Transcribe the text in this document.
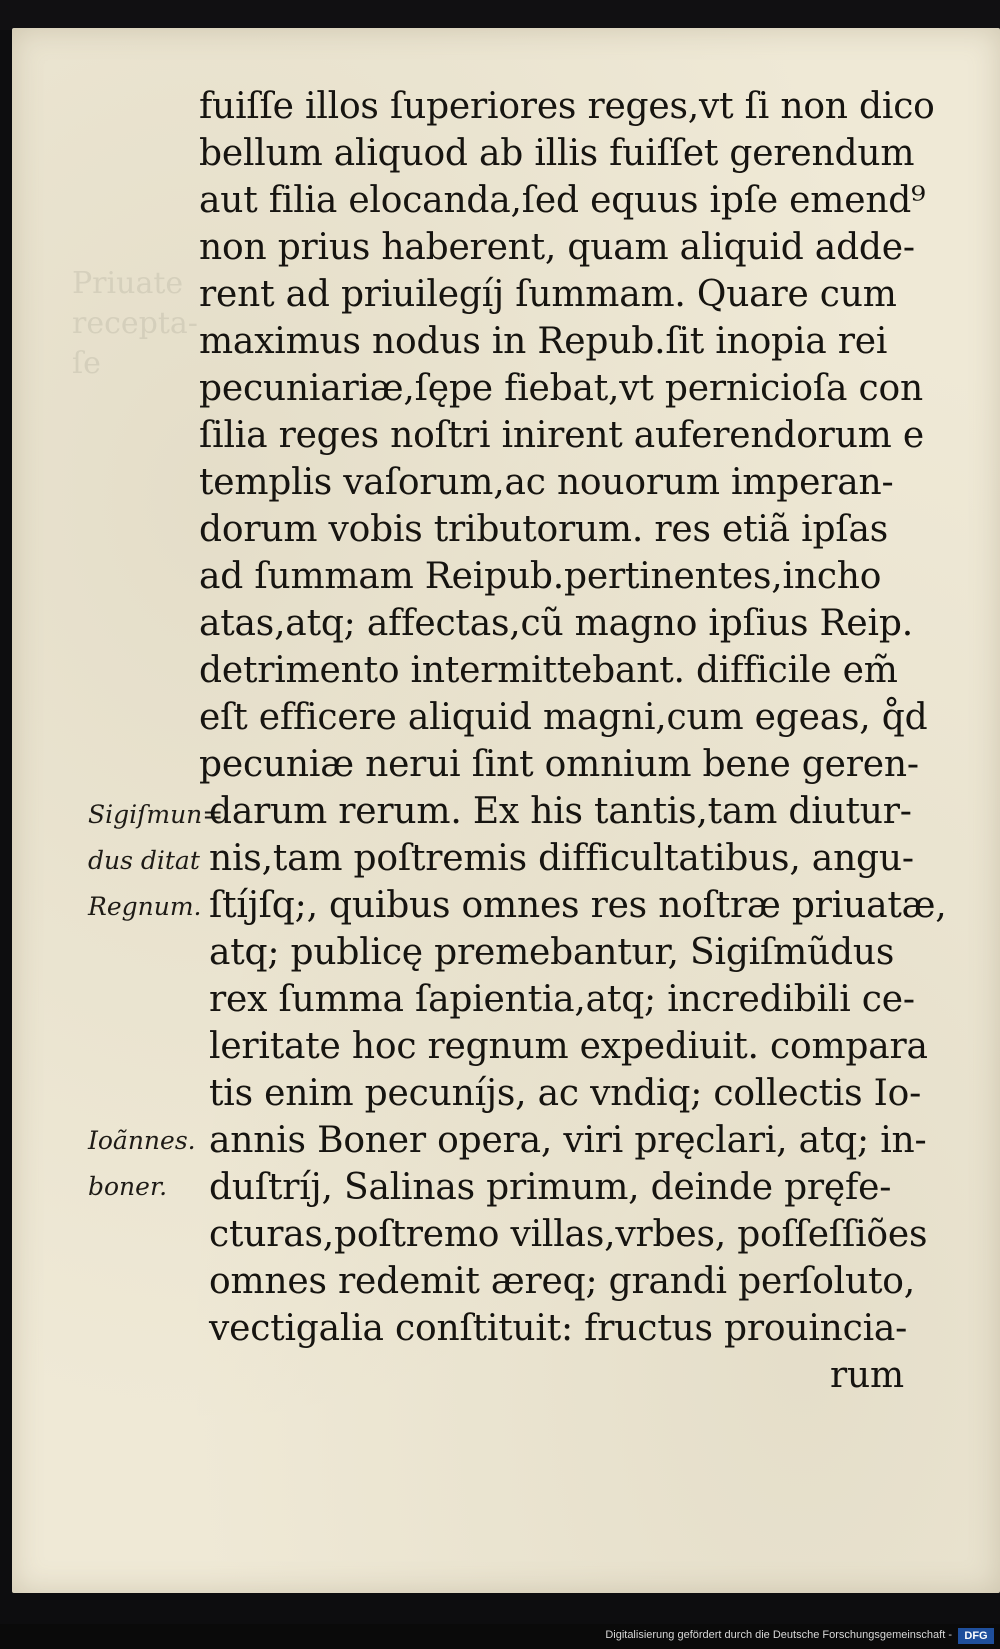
Priuate
recepta-
ſe

Sigiſmun=

dus ditat

Regnum.

Ioãnnes.

boner.

fuiſſe illos ſuperiores reges,vt ſi non dico

bellum aliquod ab illis fuiſſet gerendum

aut filia elocanda,ſed equus ipſe emend⁹

non prius haberent, quam aliquid adde-

rent ad priuilegíj ſummam. Quare cum

maximus nodus in Repub.ſit inopia rei

pecuniariæ,ſępe fiebat,vt pernicioſa con

ſilia reges noſtri inirent auferendorum e

templis vaſorum,ac nouorum imperan-

dorum vobis tributorum. res etiã ipſas

ad ſummam Reipub.pertinentes,incho

atas,atq; affectas,cũ magno ipſius Reip.

detrimento intermittebant. difficile em̃

eſt efficere aliquid magni,cum egeas, q̊d

pecuniæ nerui ſint omnium bene geren-

darum rerum. Ex his tantis,tam diutur-

nis,tam poſtremis difficultatibus, angu-

ſtíjſq;, quibus omnes res noſtræ priuatæ,

atq; publicę premebantur, Sigiſmũdus

rex ſumma ſapientia,atq; incredibili ce-

leritate hoc regnum expediuit. compara

tis enim pecuníjs, ac vndiq; collectis Io-

annis Boner opera, viri pręclari, atq; in-

duſtríj, Salinas primum, deinde pręfe-

cturas,poſtremo villas,vrbes, poſſeſſiões

omnes redemit æreq; grandi perſoluto,

vectigalia conſtituit: fructus prouincia-

rum

Digitalisierung gefördert durch die Deutsche Forschungsgemeinschaft -	DFG
